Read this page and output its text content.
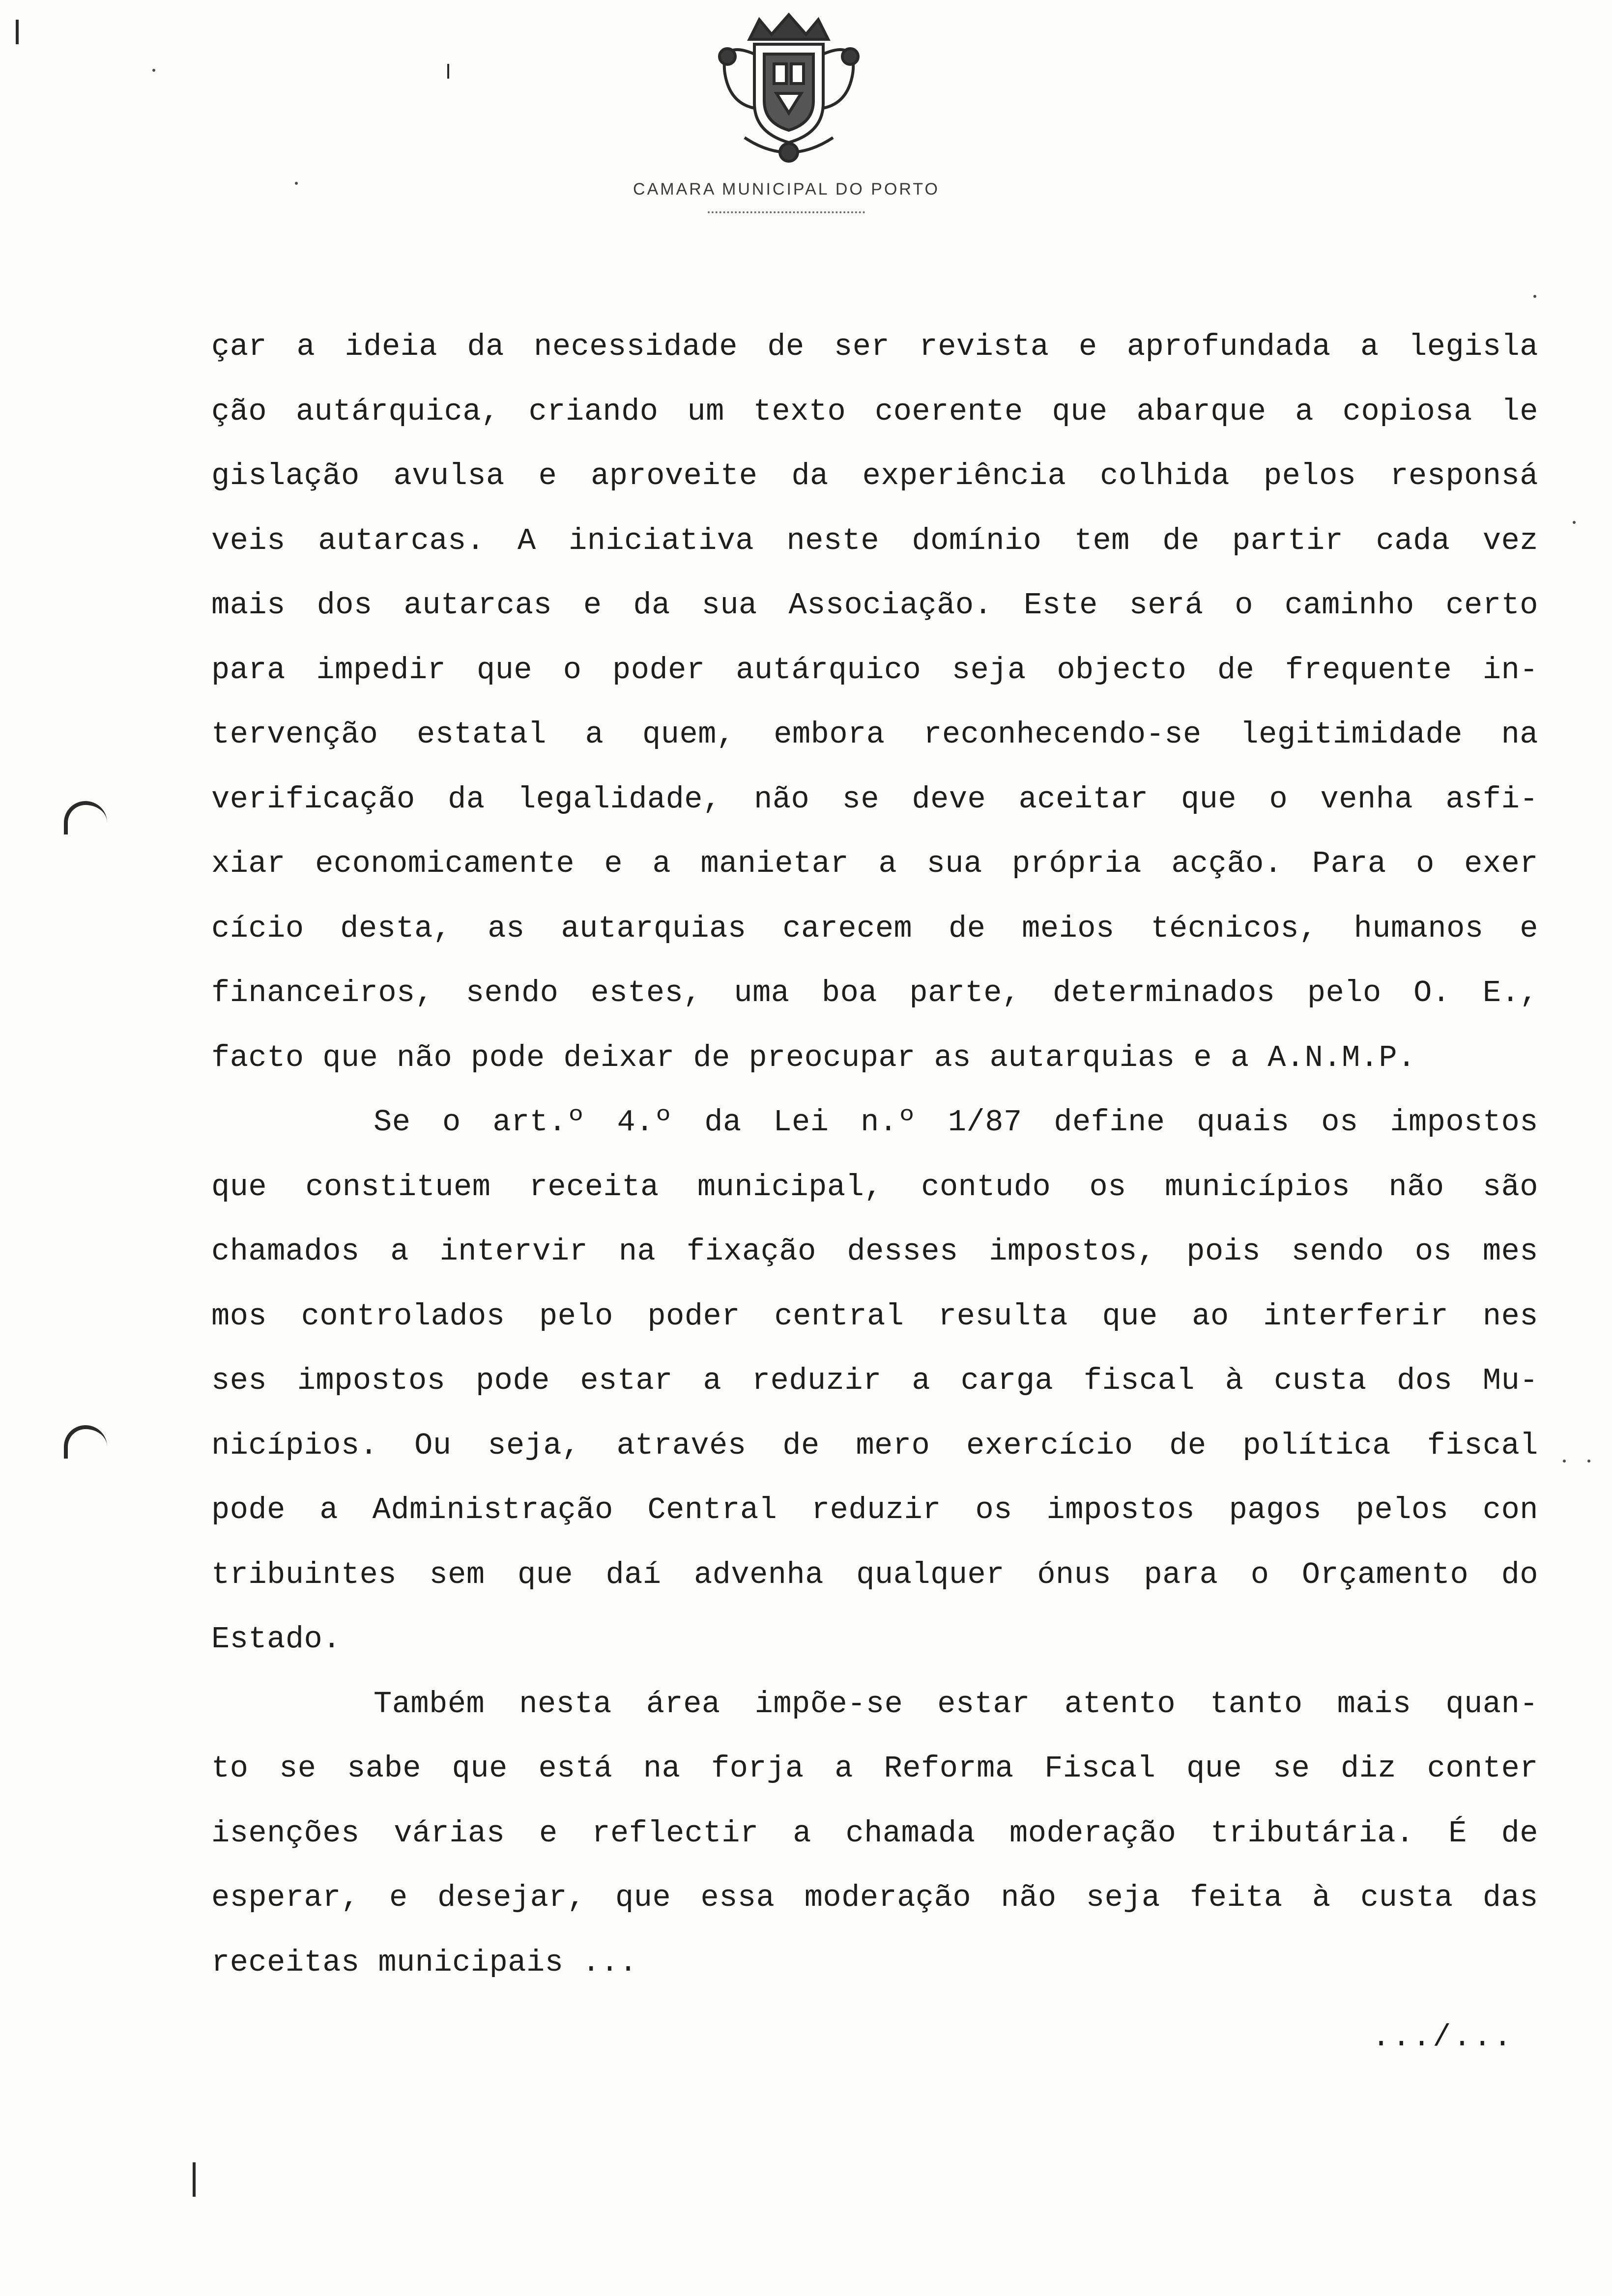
CAMARA MUNICIPAL DO PORTO
çar a ideia da necessidade de ser revista e aprofundada a legisla
ção autárquica, criando um texto coerente que abarque a copiosa le
gislação avulsa e aproveite da experiência colhida pelos responsá
veis autarcas. A iniciativa neste domínio tem de partir cada vez
mais dos autarcas e da sua Associação. Este será o caminho certo
para impedir que o poder autárquico seja objecto de frequente in-
tervenção estatal a quem, embora reconhecendo-se legitimidade na
verificação da legalidade, não se deve aceitar que o venha asfi-
xiar economicamente e a manietar a sua própria acção. Para o exer
cício desta, as autarquias carecem de meios técnicos, humanos e
financeiros, sendo estes, uma boa parte, determinados pelo O. E.,
facto que não pode deixar de preocupar as autarquias e a A.N.M.P.
Se o art.º 4.º da Lei n.º 1/87 define quais os impostos
que constituem receita municipal, contudo os municípios não são
chamados a intervir na fixação desses impostos, pois sendo os mes
mos controlados pelo poder central resulta que ao interferir nes
ses impostos pode estar a reduzir a carga fiscal à custa dos Mu-
nicípios. Ou seja, através de mero exercício de política fiscal
pode a Administração Central reduzir os impostos pagos pelos con
tribuintes sem que daí advenha qualquer ónus para o Orçamento do
Estado.
Também nesta área impõe-se estar atento tanto mais quan-
to se sabe que está na forja a Reforma Fiscal que se diz conter
isenções várias e reflectir a chamada moderação tributária. É de
esperar, e desejar, que essa moderação não seja feita à custa das
receitas municipais ...
.../...
